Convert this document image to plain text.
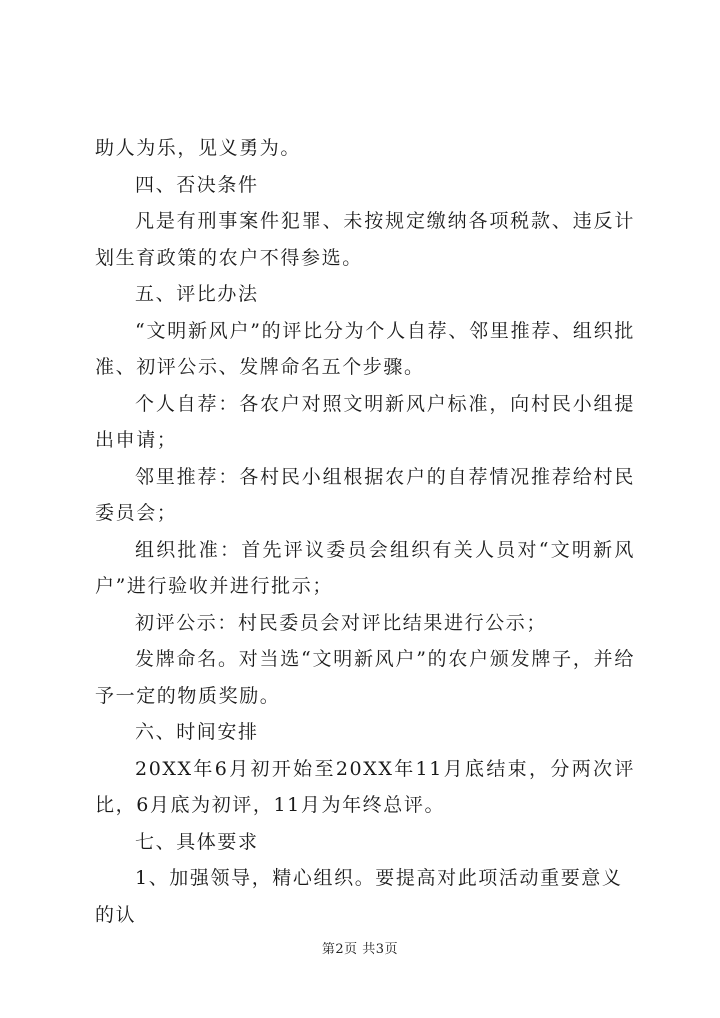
助人为乐，见义勇为。

四、否决条件

凡是有刑事案件犯罪、未按规定缴纳各项税款、违反计划生育政策的农户不得参选。

五、评比办法

“文明新风户”的评比分为个人自荐、邻里推荐、组织批准、初评公示、发牌命名五个步骤。

个人自荐：各农户对照文明新风户标准，向村民小组提出申请；

邻里推荐：各村民小组根据农户的自荐情况推荐给村民委员会；

组织批准：首先评议委员会组织有关人员对“文明新风户”进行验收并进行批示；

初评公示：村民委员会对评比结果进行公示；

发牌命名。对当选“文明新风户”的农户颁发牌子，并给予一定的物质奖励。

六、时间安排

20XX年6月初开始至20XX年11月底结束，分两次评比，6月底为初评，11月为年终总评。

七、具体要求

1、加强领导，精心组织。要提高对此项活动重要意义的认

第2页 共3页
